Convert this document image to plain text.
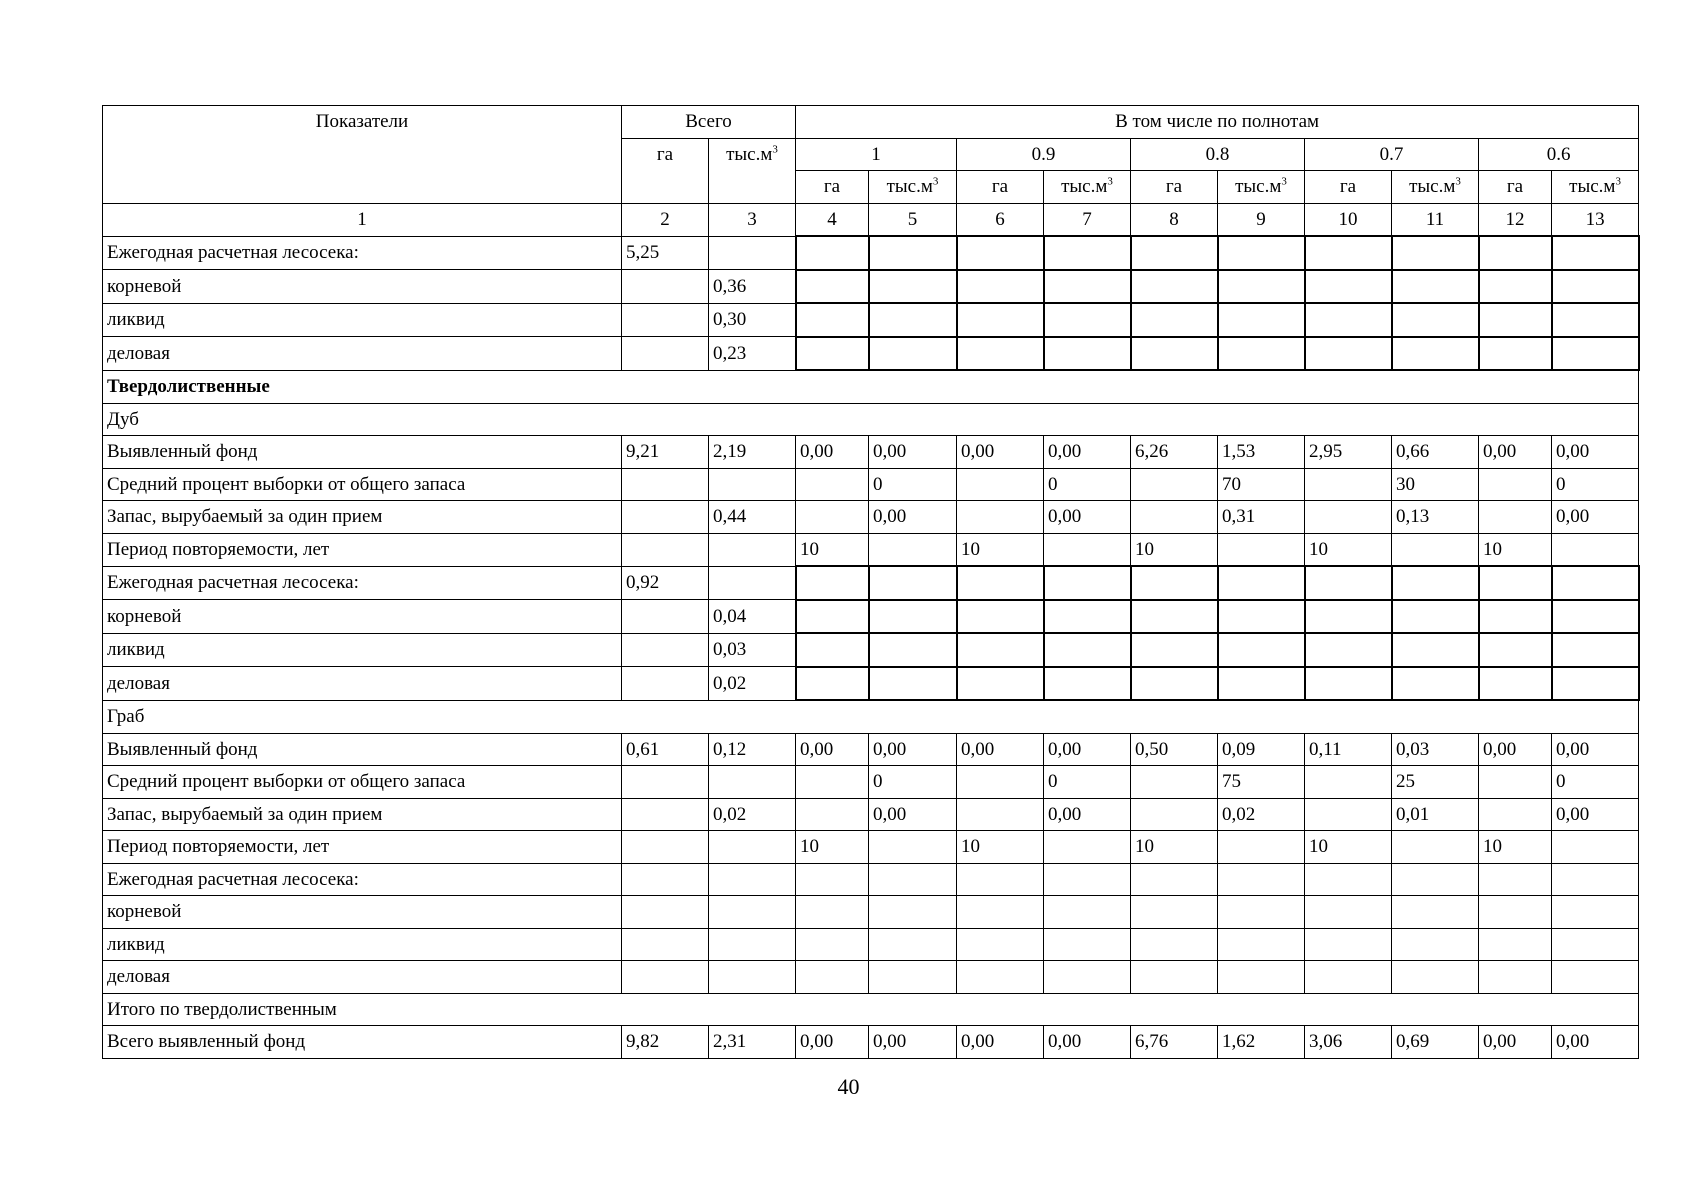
Показатели	Всего		В том числе по полнотам									
	га	$тыс.м^3$	1		0.9		0.8		0.7		0.6	
			га	$тыс.м^3$	га	$тыс.м^3$	га	$тыс.м^3$	га	$тыс.м^3$	га	$тыс.м^3$
1	2	3	4	5	6	7	8	9	10	11	12	13
Ежегодная расчетная лесосека:	5,25											
корневой		0,36										
ликвид		0,30										
деловая		0,23										
Твердолиственные												
Дуб												
Выявленный фонд	9,21	2,19	0,00	0,00	0,00	0,00	6,26	1,53	2,95	0,66	0,00	0,00
Средний процент выборки от общего запаса				0		0		70		30		0
Запас, вырубаемый за один прием		0,44		0,00		0,00		0,31		0,13		0,00
Период повторяемости, лет			10		10		10		10		10	
Ежегодная расчетная лесосека:	0,92											
корневой		0,04										
ликвид		0,03										
деловая		0,02										
Граб												
Выявленный фонд	0,61	0,12	0,00	0,00	0,00	0,00	0,50	0,09	0,11	0,03	0,00	0,00
Средний процент выборки от общего запаса				0		0		75		25		0
Запас, вырубаемый за один прием		0,02		0,00		0,00		0,02		0,01		0,00
Период повторяемости, лет			10		10		10		10		10	
Ежегодная расчетная лесосека:												
корневой												
ликвид												
деловая												
Итого по твердолиственным												
Всего выявленный фонд	9,82	2,31	0,00	0,00	0,00	0,00	6,76	1,62	3,06	0,69	0,00	0,00
40
